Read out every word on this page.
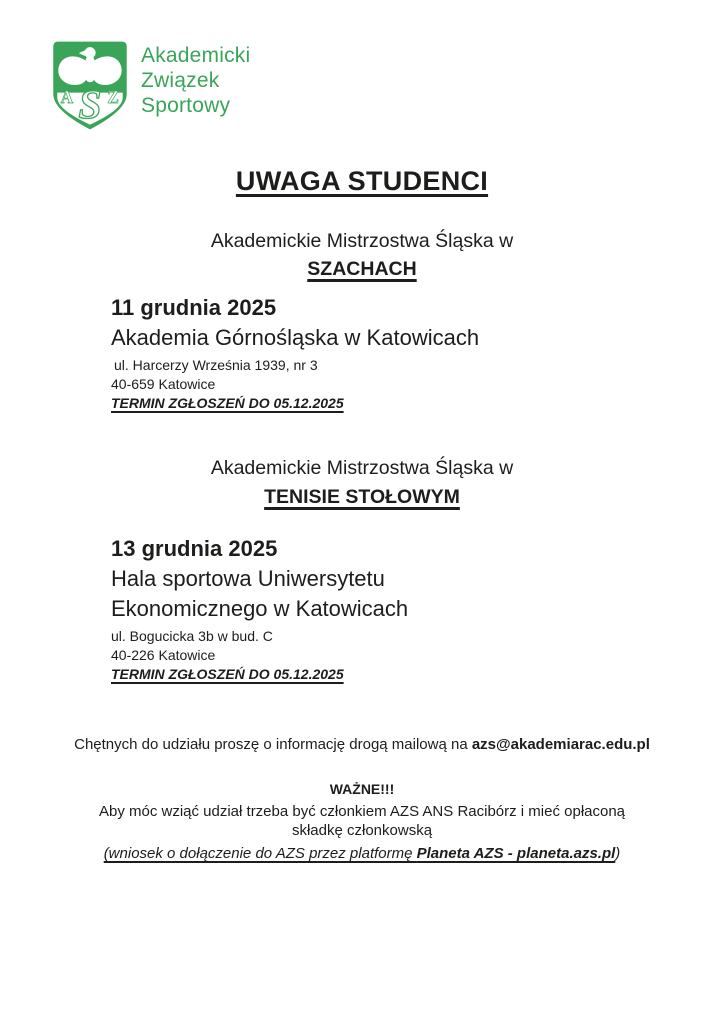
A S Z
Akademicki
Związek
Sportowy
UWAGA STUDENCI
Akademickie Mistrzostwa Śląska w
SZACHACH
11 grudnia 2025
Akademia Górnośląska w Katowicach
ul. Harcerzy Września 1939, nr 3
40-659 Katowice
TERMIN ZGŁOSZEŃ DO 05.12.2025
Akademickie Mistrzostwa Śląska w
TENISIE STOŁOWYM
13 grudnia 2025
Hala sportowa Uniwersytetu
Ekonomicznego w Katowicach
ul. Bogucicka 3b w bud. C
40-226 Katowice
TERMIN ZGŁOSZEŃ DO 05.12.2025

Chętnych do udziału proszę o informację drogą mailową na azs@akademiarac.edu.pl

WAŻNE!!!
Aby móc wziąć udział trzeba być członkiem AZS ANS Racibórz i mieć opłaconą składkę członkowską
(wniosek o dołączenie do AZS przez platformę Planeta AZS - planeta.azs.pl)
